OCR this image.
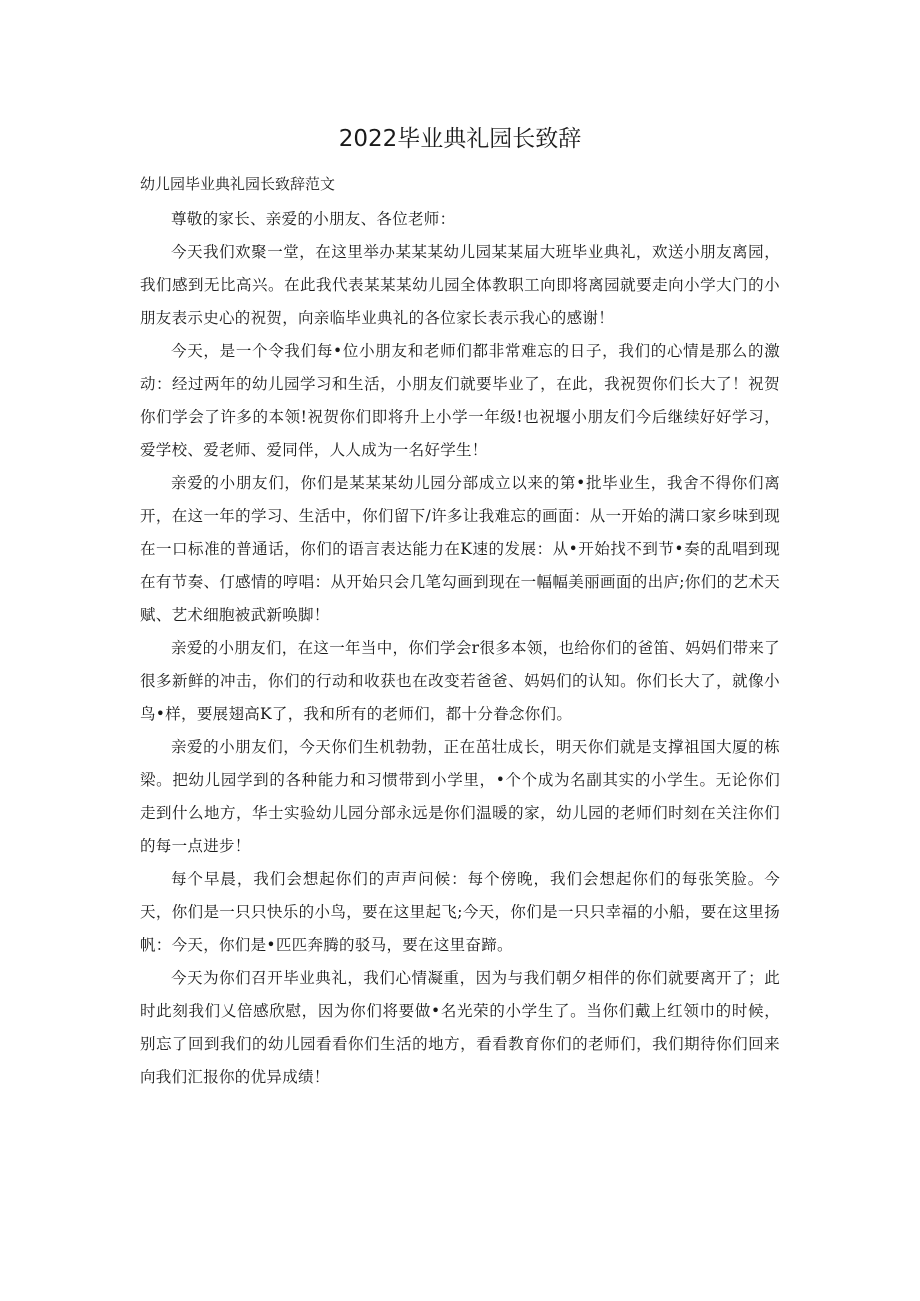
2022毕业典礼园长致辞

幼儿园毕业典礼园长致辞范文

尊敬的家长、亲爱的小朋友、各位老师：

今天我们欢聚一堂，在这里举办某某某幼儿园某某届大班毕业典礼，欢送小朋友离园，我们感到无比高兴。在此我代表某某某幼儿园全体教职工向即将离园就要走向小学大门的小朋友表示史心的祝贺，向亲临毕业典礼的各位家长表示我心的感谢！

今天，是一个令我们每•位小朋友和老师们都非常难忘的日子，我们的心情是那么的激动：经过两年的幼儿园学习和生活，小朋友们就要毕业了，在此，我祝贺你们长大了！祝贺你们学会了许多的本领!祝贺你们即将升上小学一年级!也祝堰小朋友们今后继续好好学习，爱学校、爱老师、爱同伴，人人成为一名好学生！

亲爱的小朋友们，你们是某某某幼儿园分部成立以来的第•批毕业生，我舍不得你们离开，在这一年的学习、生活中，你们留下/许多让我难忘的画面：从一开始的满口家乡味到现在一口标准的普通话，你们的语言表达能力在K速的发展：从•开始找不到节•奏的乱唱到现在有节奏、仃感情的哼唱：从开始只会几笔勾画到现在一幅幅美丽画面的出庐;你们的艺术天赋、艺术细胞被武新唤脚！

亲爱的小朋友们，在这一年当中，你们学会r很多本领，也给你们的爸笛、妈妈们带来了很多新鲜的冲击，你们的行动和收获也在改变若爸爸、妈妈们的认知。你们长大了，就像小鸟•样，要展翅高K了，我和所有的老师们，都十分眷念你们。

亲爱的小朋友们，今天你们生机勃勃，正在茁壮成长，明天你们就是支撑祖国大厦的栋梁。把幼儿园学到的各种能力和习惯带到小学里，•个个成为名副其实的小学生。无论你们走到什么地方，华士实验幼儿园分部永远是你们温暖的家，幼儿园的老师们时刻在关注你们的每一点进步！

每个早晨，我们会想起你们的声声问候：每个傍晚，我们会想起你们的每张笑脸。今天，你们是一只只快乐的小鸟，要在这里起飞;今天，你们是一只只幸福的小船，要在这里扬帆：今天，你们是•匹匹奔腾的驳马，要在这里奋蹄。

今天为你们召开毕业典礼，我们心情凝重，因为与我们朝夕相伴的你们就要离开了；此时此刻我们乂倍感欣慰，因为你们将要做•名光荣的小学生了。当你们戴上红领巾的时候，别忘了回到我们的幼儿园看看你们生活的地方，看看教育你们的老师们，我们期待你们回来向我们汇报你的优异成绩！
